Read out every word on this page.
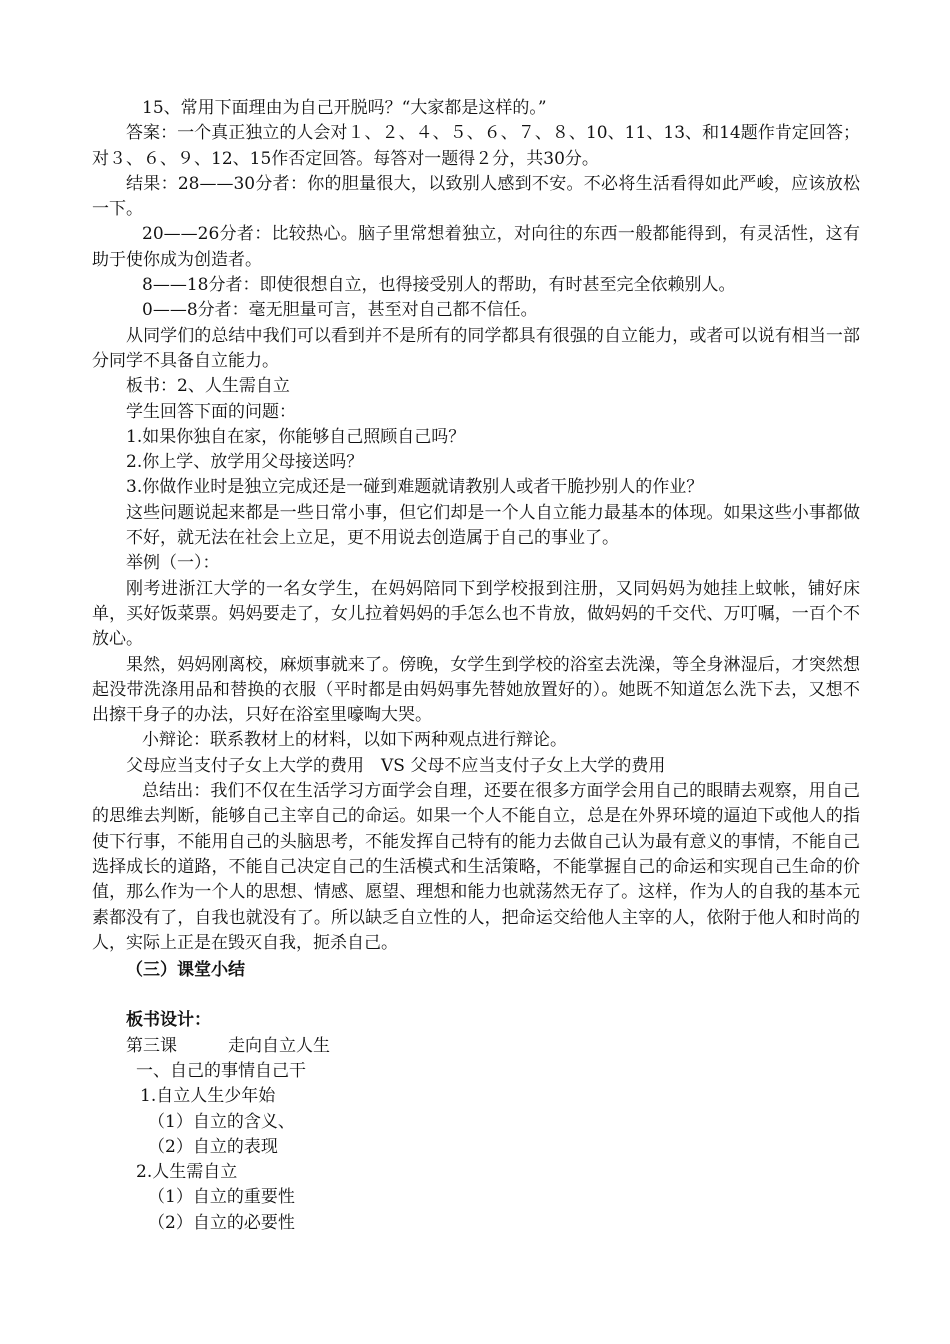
15、常用下面理由为自己开脱吗？“大家都是这样的。”

答案：一个真正独立的人会对１、２、４、５、６、７、８、10、11、13、和14题作肯定回答；对３、６、９、12、15作否定回答。每答对一题得２分，共30分。

结果：28——30分者：你的胆量很大，以致别人感到不安。不必将生活看得如此严峻，应该放松一下。

20——26分者：比较热心。脑子里常想着独立，对向往的东西一般都能得到，有灵活性，这有助于使你成为创造者。

8——18分者：即使很想自立，也得接受别人的帮助，有时甚至完全依赖别人。

0——8分者：毫无胆量可言，甚至对自己都不信任。

从同学们的总结中我们可以看到并不是所有的同学都具有很强的自立能力，或者可以说有相当一部分同学不具备自立能力。

板书：2、人生需自立

学生回答下面的问题：

1.如果你独自在家，你能够自己照顾自己吗？

2.你上学、放学用父母接送吗？

3.你做作业时是独立完成还是一碰到难题就请教别人或者干脆抄别人的作业？

这些问题说起来都是一些日常小事，但它们却是一个人自立能力最基本的体现。如果这些小事都做不好，就无法在社会上立足，更不用说去创造属于自己的事业了。

举例（一）：

刚考进浙江大学的一名女学生，在妈妈陪同下到学校报到注册，又同妈妈为她挂上蚊帐，铺好床单，买好饭菜票。妈妈要走了，女儿拉着妈妈的手怎么也不肯放，做妈妈的千交代、万叮嘱，一百个不放心。

果然，妈妈刚离校，麻烦事就来了。傍晚，女学生到学校的浴室去洗澡，等全身淋湿后，才突然想起没带洗涤用品和替换的衣服（平时都是由妈妈事先替她放置好的）。她既不知道怎么洗下去，又想不出擦干身子的办法，只好在浴室里嚎啕大哭。

小辩论：联系教材上的材料，以如下两种观点进行辩论。

父母应当支付子女上大学的费用　VS 父母不应当支付子女上大学的费用

总结出：我们不仅在生活学习方面学会自理，还要在很多方面学会用自己的眼睛去观察，用自己的思维去判断，能够自己主宰自己的命运。如果一个人不能自立，总是在外界环境的逼迫下或他人的指使下行事，不能用自己的头脑思考，不能发挥自己特有的能力去做自己认为最有意义的事情，不能自己选择成长的道路，不能自己决定自己的生活模式和生活策略，不能掌握自己的命运和实现自己生命的价值，那么作为一个人的思想、情感、愿望、理想和能力也就荡然无存了。这样，作为人的自我的基本元素都没有了，自我也就没有了。所以缺乏自立性的人，把命运交给他人主宰的人，依附于他人和时尚的人，实际上正是在毁灭自我，扼杀自己。

（三）课堂小结

板书设计：

第三课　　　走向自立人生

一、自己的事情自己干

1.自立人生少年始

（1）自立的含义、

（2）自立的表现

2.人生需自立

（1）自立的重要性

（2）自立的必要性
